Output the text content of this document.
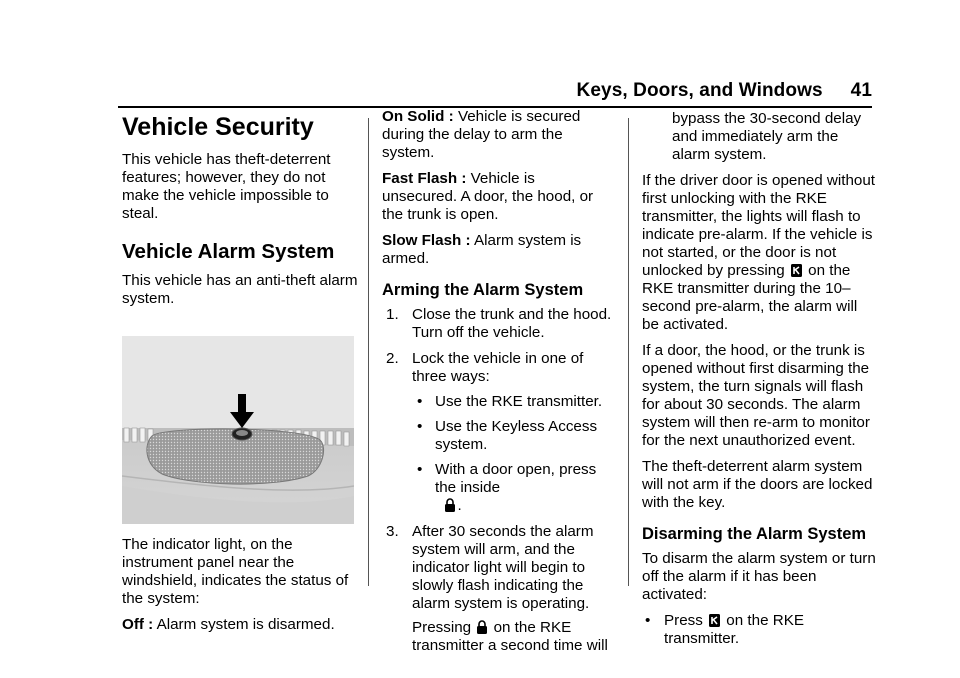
Keys, Doors, and Windows 41
Vehicle Security

This vehicle has theft-deterrent features; however, they do not make the vehicle impossible to steal.

Vehicle Alarm System

This vehicle has an anti-theft alarm system.

The indicator light, on the instrument panel near the windshield, indicates the status of the system:

Off : Alarm system is disarmed.

On Solid : Vehicle is secured during the delay to arm the system.

Fast Flash : Vehicle is unsecured. A door, the hood, or the trunk is open.

Slow Flash : Alarm system is armed.

Arming the Alarm System
1. Close the trunk and the hood. Turn off the vehicle.
2. Lock the vehicle in one of three ways:
• Use the RKE transmitter.
• Use the Keyless Access system.
• With a door open, press the inside
.
3. After 30 seconds the alarm system will arm, and the indicator light will begin to slowly flash indicating the alarm system is operating.
Pressing on the RKE transmitter a second time will

bypass the 30-second delay and immediately arm the alarm system.

If the driver door is opened without first unlocking with the RKE transmitter, the lights will flash to indicate pre-alarm. If the vehicle is not started, or the door is not unlocked by pressing on the RKE transmitter during the 10–second pre-alarm, the alarm will be activated.

If a door, the hood, or the trunk is opened without first disarming the system, the turn signals will flash for about 30 seconds. The alarm system will then re-arm to monitor for the next unauthorized event.

The theft-deterrent alarm system will not arm if the doors are locked with the key.

Disarming the Alarm System

To disarm the alarm system or turn off the alarm if it has been activated:

• Press on the RKE transmitter.
